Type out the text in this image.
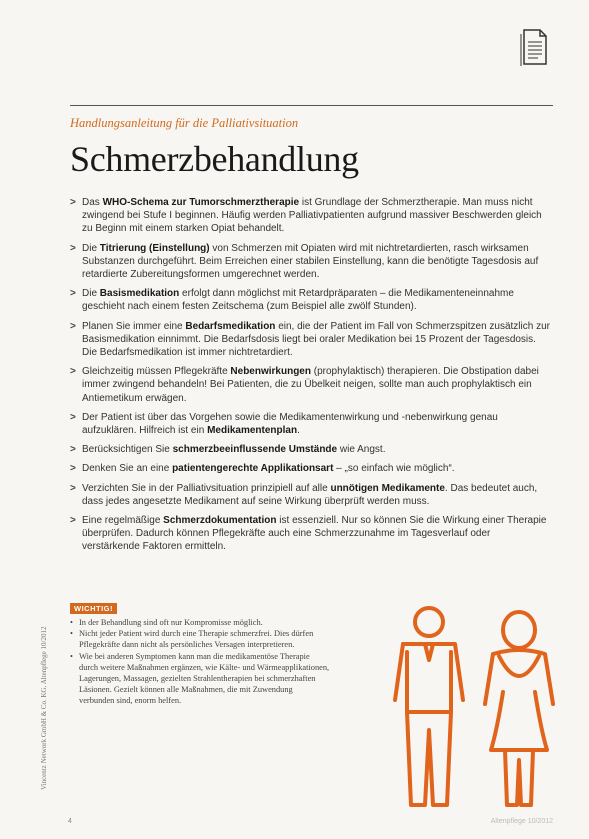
Handlungsanleitung für die Palliativsituation
Schmerzbehandlung
> Das WHO-Schema zur Tumorschmerztherapie ist Grundlage der Schmerztherapie. Man muss nicht zwingend bei Stufe I beginnen. Häufig werden Palliativpatienten aufgrund massiver Beschwerden gleich zu Beginn mit einem starken Opiat behandelt.
> Die Titrierung (Einstellung) von Schmerzen mit Opiaten wird mit nichtretardierten, rasch wirksamen Substanzen durchgeführt. Beim Erreichen einer stabilen Einstellung, kann die benötigte Tagesdosis auf retardierte Zubereitungsformen umgerechnet werden.
> Die Basismedikation erfolgt dann möglichst mit Retardpräparaten – die Medikamenteneinnahme geschieht nach einem festen Zeitschema (zum Beispiel alle zwölf Stunden).
> Planen Sie immer eine Bedarfsmedikation ein, die der Patient im Fall von Schmerzspitzen zusätzlich zur Basismedikation einnimmt. Die Bedarfsdosis liegt bei oraler Medikation bei 15 Prozent der Tagesdosis. Die Bedarfsmedikation ist immer nichtretardiert.
> Gleichzeitig müssen Pflegekräfte Nebenwirkungen (prophylaktisch) therapieren. Die Obstipation dabei immer zwingend behandeln! Bei Patienten, die zu Übelkeit neigen, sollte man auch prophylaktisch ein Antiemetikum erwägen.
> Der Patient ist über das Vorgehen sowie die Medikamentenwirkung und -nebenwirkung genau aufzuklären. Hilfreich ist ein Medikamentenplan.
> Berücksichtigen Sie schmerzbeeinflussende Umstände wie Angst.
> Denken Sie an eine patientengerechte Applikationsart – „so einfach wie möglich“.
> Verzichten Sie in der Palliativsituation prinzipiell auf alle unnötigen Medikamente. Das bedeutet auch, dass jedes angesetzte Medikament auf seine Wirkung überprüft werden muss.
> Eine regelmäßige Schmerzdokumentation ist essenziell. Nur so können Sie die Wirkung einer Therapie überprüfen. Dadurch können Pflegekräfte auch eine Schmerzzunahme im Tagesverlauf oder verstärkende Faktoren ermitteln.
Vincentz Network GmbH & Co. KG, Altenpflege 10/2012
WICHTIG!
• In der Behandlung sind oft nur Kompromisse möglich.
• Nicht jeder Patient wird durch eine Therapie schmerzfrei. Dies dürfen Pflegekräfte dann nicht als persönliches Versagen interpretieren.
• Wie bei anderen Symptomen kann man die medikamentöse Therapie durch weitere Maßnahmen ergänzen, wie Kälte- und Wärmeapplikationen, Lagerungen, Massagen, gezielten Strahlentherapien bei schmerzhaften Läsionen. Gezielt können alle Maßnahmen, die mit Zuwendung verbunden sind, enorm helfen.
4	Altenpflege 10/2012
